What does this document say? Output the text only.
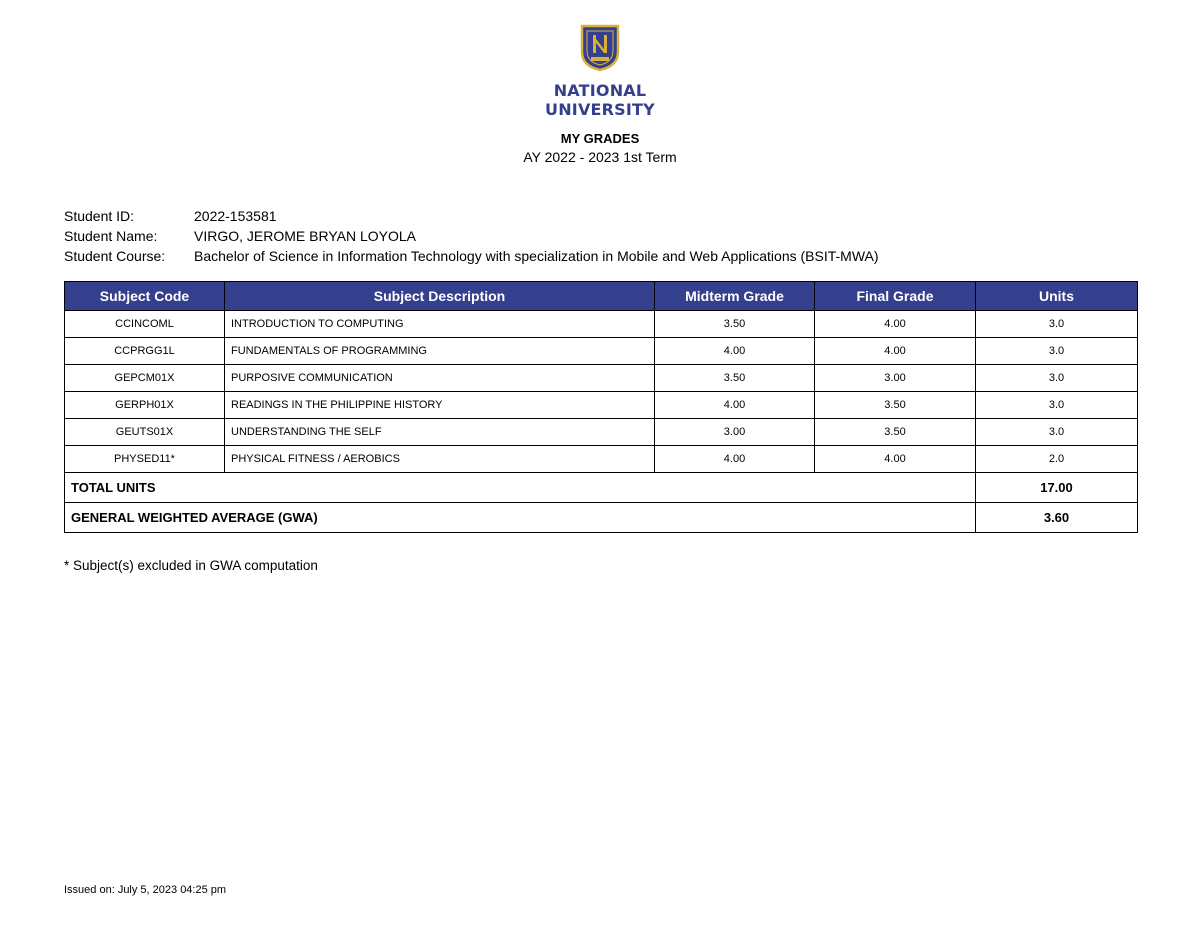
NATIONAL
UNIVERSITY
MY GRADES
AY 2022 - 2023 1st Term
Student ID:	2022-153581
Student Name:	VIRGO, JEROME BRYAN LOYOLA
Student Course:	Bachelor of Science in Information Technology with specialization in Mobile and Web Applications (BSIT-MWA)
Subject Code	Subject Description	Midterm Grade	Final Grade	Units
CCINCOML	INTRODUCTION TO COMPUTING	3.50	4.00	3.0
CCPRGG1L	FUNDAMENTALS OF PROGRAMMING	4.00	4.00	3.0
GEPCM01X	PURPOSIVE COMMUNICATION	3.50	3.00	3.0
GERPH01X	READINGS IN THE PHILIPPINE HISTORY	4.00	3.50	3.0
GEUTS01X	UNDERSTANDING THE SELF	3.00	3.50	3.0
PHYSED11*	PHYSICAL FITNESS / AEROBICS	4.00	4.00	2.0
TOTAL UNITS				17.00
GENERAL WEIGHTED AVERAGE (GWA)				3.60
* Subject(s) excluded in GWA computation
Issued on: July 5, 2023 04:25 pm
